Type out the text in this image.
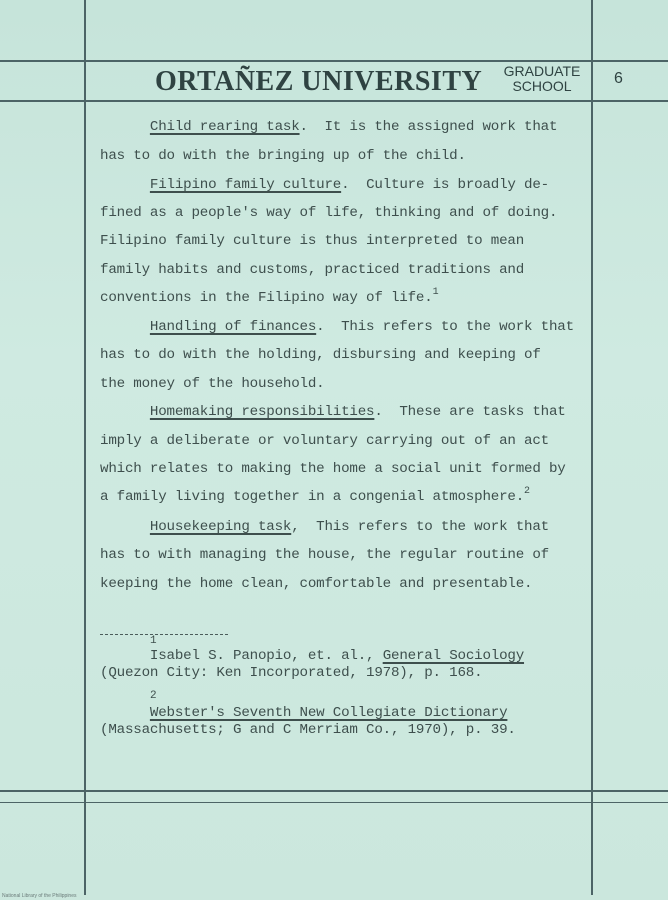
ORTAÑEZ UNIVERSITY	GRADUATE
SCHOOL	6
Child rearing task.  It is the assigned work that
has to do with the bringing up of the child.
Filipino family culture.  Culture is broadly de-
fined as a people's way of life, thinking and of doing.
Filipino family culture is thus interpreted to mean
family habits and customs, practiced traditions and
conventions in the Filipino way of life.$^1$
Handling of finances.  This refers to the work that
has to do with the holding, disbursing and keeping of
the money of the household.
Homemaking responsibilities.  These are tasks that
imply a deliberate or voluntary carrying out of an act
which relates to making the home a social unit formed by
a family living together in a congenial atmosphere.$^2$
Housekeeping task,  This refers to the work that
has to with managing the house, the regular routine of
keeping the home clean, comfortable and presentable.
1
Isabel S. Panopio, et. al., General Sociology
(Quezon City: Ken Incorporated, 1978), p. 168.
2
Webster's Seventh New Collegiate Dictionary
(Massachusetts; G and C Merriam Co., 1970), p. 39.
National Library of the Philippines
